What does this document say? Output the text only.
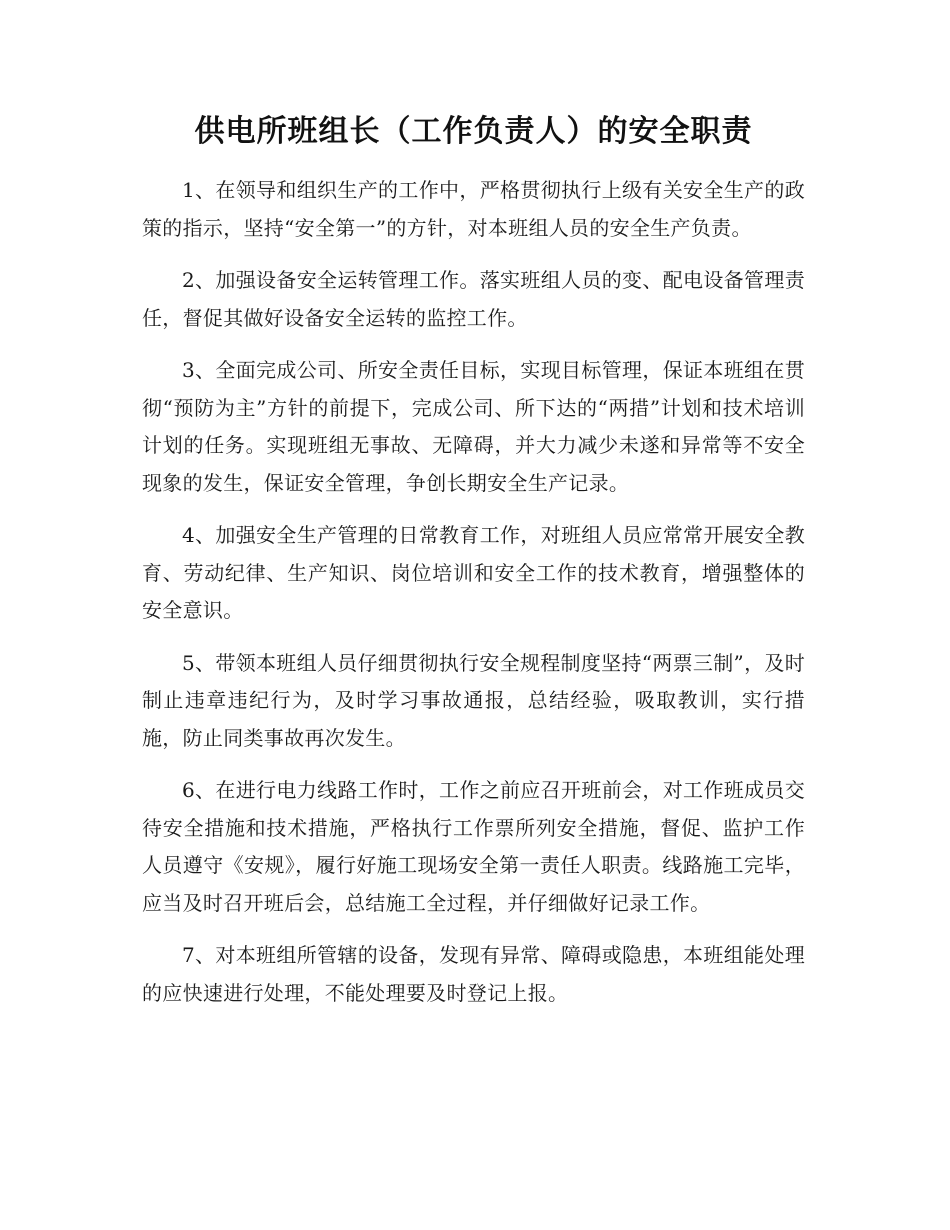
供电所班组长（工作负责人）的安全职责

1、在领导和组织生产的工作中，严格贯彻执行上级有关安全生产的政策的指示，坚持“安全第一”的方针，对本班组人员的安全生产负责。

2、加强设备安全运转管理工作。落实班组人员的变、配电设备管理责任，督促其做好设备安全运转的监控工作。

3、全面完成公司、所安全责任目标，实现目标管理，保证本班组在贯彻“预防为主”方针的前提下，完成公司、所下达的“两措”计划和技术培训计划的任务。实现班组无事故、无障碍，并大力减少未遂和异常等不安全现象的发生，保证安全管理，争创长期安全生产记录。

4、加强安全生产管理的日常教育工作，对班组人员应常常开展安全教育、劳动纪律、生产知识、岗位培训和安全工作的技术教育，增强整体的安全意识。

5、带领本班组人员仔细贯彻执行安全规程制度坚持“两票三制”，及时制止违章违纪行为，及时学习事故通报，总结经验，吸取教训，实行措施，防止同类事故再次发生。

6、在进行电力线路工作时，工作之前应召开班前会，对工作班成员交待安全措施和技术措施，严格执行工作票所列安全措施，督促、监护工作人员遵守《安规》，履行好施工现场安全第一责任人职责。线路施工完毕，应当及时召开班后会，总结施工全过程，并仔细做好记录工作。

7、对本班组所管辖的设备，发现有异常、障碍或隐患，本班组能处理的应快速进行处理，不能处理要及时登记上报。
